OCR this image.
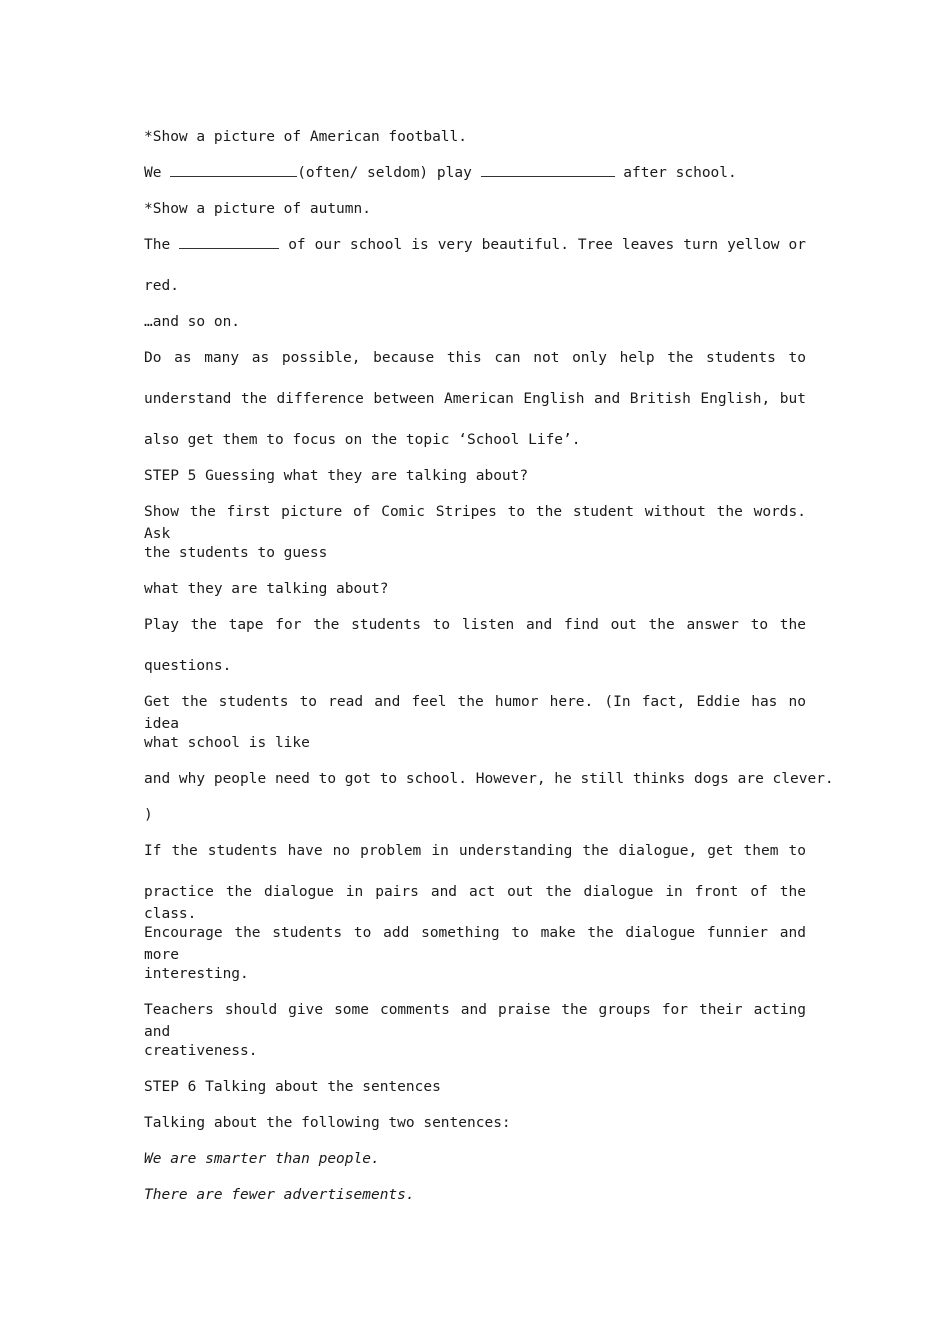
*Show a picture of American football.
We	(often/ seldom) play	after school.
*Show a picture of autumn.
The	of our school is very beautiful. Tree leaves turn yellow or
red.
…and so on.
Do as many as possible, because this can not only help the students to
understand the difference between American English and British English, but
also get them to focus on the topic ‘School Life’.
STEP 5 Guessing what they are talking about?
Show the first picture of Comic Stripes to the student without the words. Ask
the students to guess
what they are talking about?
Play the tape for the students to listen and find out the answer to the
questions.
Get the students to read and feel the humor here. (In fact, Eddie has no idea
what school is like
and why people need to got to school. However, he still thinks dogs are clever.
)
If the students have no problem in understanding the dialogue, get them to
practice the dialogue in pairs and act out the dialogue in front of the class.
Encourage the students to add something to make the dialogue funnier and more
interesting.
Teachers should give some comments and praise the groups for their acting and
creativeness.
STEP 6 Talking about the sentences
Talking about the following two sentences:
We are smarter than people.
There are fewer advertisements.
